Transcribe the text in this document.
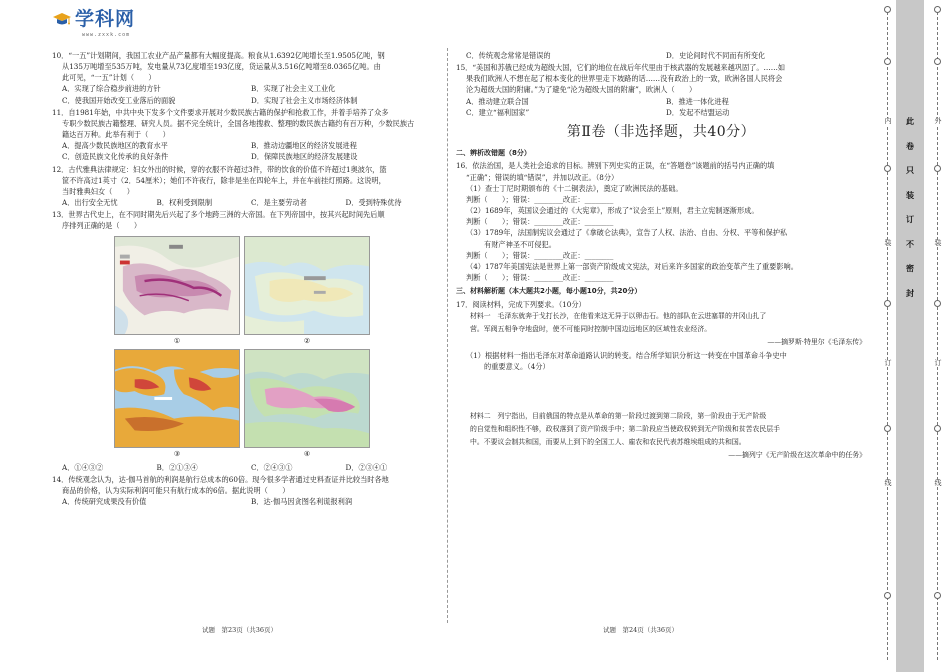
学科网
www.zxxk.com

10．“一五”计划期间，我国工农业产品产量都有大幅度提高。粮食从1.6392亿吨增长至1.9505亿吨，钢

从135万吨增至535万吨，发电量从73亿度增至193亿度，货运量从3.516亿吨增至8.0365亿吨。由

此可见，“一五”计划（　　）

A．实现了综合稳步前进的方针	B．实现了社会主义工业化
C．使我国开始改变工业落后的面貌	D．实现了社会主义市场经济体制

11．自1981年始，中共中央下发多个文件要求开展对少数民族古籍的保护和抢救工作，并着手培养了众多

专职少数民族古籍整理、研究人员。据不完全统计，全国各地搜救、整理的数民族古籍约有百万种，少数民族古

籍达百万种。此举有利于（　　）

A．提高少数民族地区的教育水平	B．推动边疆地区的经济发展进程
C．创造民族文化传承的良好条件	D．保障民族地区的经济发展建设

12．古代雅典法律规定：妇女外出的时候，穿的衣服不许超过3件，带的饮食的价值不许超过1奥波尔，篮

筐不许高过1英寸（2．54厘米）；她们不许夜行，除非是坐在四轮车上，并在车前挂灯照路。这说明，

当时雅典妇女（　　）

A．出行安全无忧	B．权利受到限制	C．是主要劳动者	D．受到特殊优待

13．世界古代史上，在不同时期先后兴起了多个地跨三洲的大帝国。在下列帝国中，按其兴起时间先后顺

序排列正确的是（　　）

①	②
③	④
A．①④③②	B．②①③④	C．②④③①	D．②③④①

14．传统观念认为，达·伽马首航的利润是航行总成本的60倍。现今很多学者通过史料查证并比较当时各地

商品的价格，认为实际利润可能只有航行成本的6倍。据此说明（　　）

A．传统研究成果没有价值	B．达·伽马因贪图名利谎报利润
C．传统观念常常是错误的	D．史论间时代不同而有所变化

15．“美国和苏俄已经成为超级大国，它们的地位在战后年代里由于核武器的发展越来越巩固了。……如

果我们欧洲人不想在起了根本变化的世界里走下坡路的话……没有政治上的一致，欧洲各国人民将会

沦为超级大国的附庸。”为了避免“沦为超级大国的附庸”，欧洲人（　　）

A．推动建立联合国	B．推进一体化进程
C．建立“福利国家”	D．发起不结盟运动
第Ⅱ卷（非选择题，共40分）
二、辨析改错题（8分）

16．依法治国，是人类社会追求的目标。辨别下列史实的正误，在“答题卷”该题前的括号内正确的填

“正确”；错误的填“错误”，并加以改正。（8分）

（1）查士丁尼时期颁布的《十二铜表法》，奠定了欧洲民法的基础。

判断（　　）；错误：________改正：________

（2）1689年，英国议会通过的《大宪章》，形成了“议会至上”原则，君主立宪制逐渐形成。

判断（　　）；错误：________改正：________

（3）1789年，法国制宪议会通过了《拿破仑法典》，宣告了人权、法治、自由、分权、平等和保护私

有财产神圣不可侵犯。

判断（　　）；错误：________改正：________

（4）1787年美国宪法是世界上第一部资产阶级成文宪法，对后来许多国家的政治变革产生了重要影响。

判断（　　）；错误：________改正：________

三、材料解析题（本大题共2小题，每小题10分，共20分）

17．阅读材料，完成下列要求。（10分）

材料一　毛泽东就奔于戈打长沙，在他看来这无异于以卵击石。他的部队在云进塞罪的井冈山扎了

营。军阀五相争夺地盘时，使不可能同时控制中国边远地区的区域性农业经济。

——摘罗斯·特里尔《毛泽东传》

（1）根据材料一指出毛泽东对革命道路认识的转变。结合所学知识分析这一转变在中国革命斗争史中

的重要意义。（4分）

材料二　列宁指出，目前俄国的特点是从革命的第一阶段过渡到第二阶段，第一阶段由于无产阶级

的自觉性和组织性不够，政权落到了资产阶级手中；第二阶段应当使政权转到无产阶级和贫苦农民层手

中。不要议会制共和国，而要从上到下的全国工人、雇农和农民代表苏维埃组成的共和国。

——摘列宁《无产阶级在这次革命中的任务》

试题　第23页（共36页）	试题　第24页（共36页）
内
装
订
线
外
装
订
线
此
卷
只
装
订
不
密
封
